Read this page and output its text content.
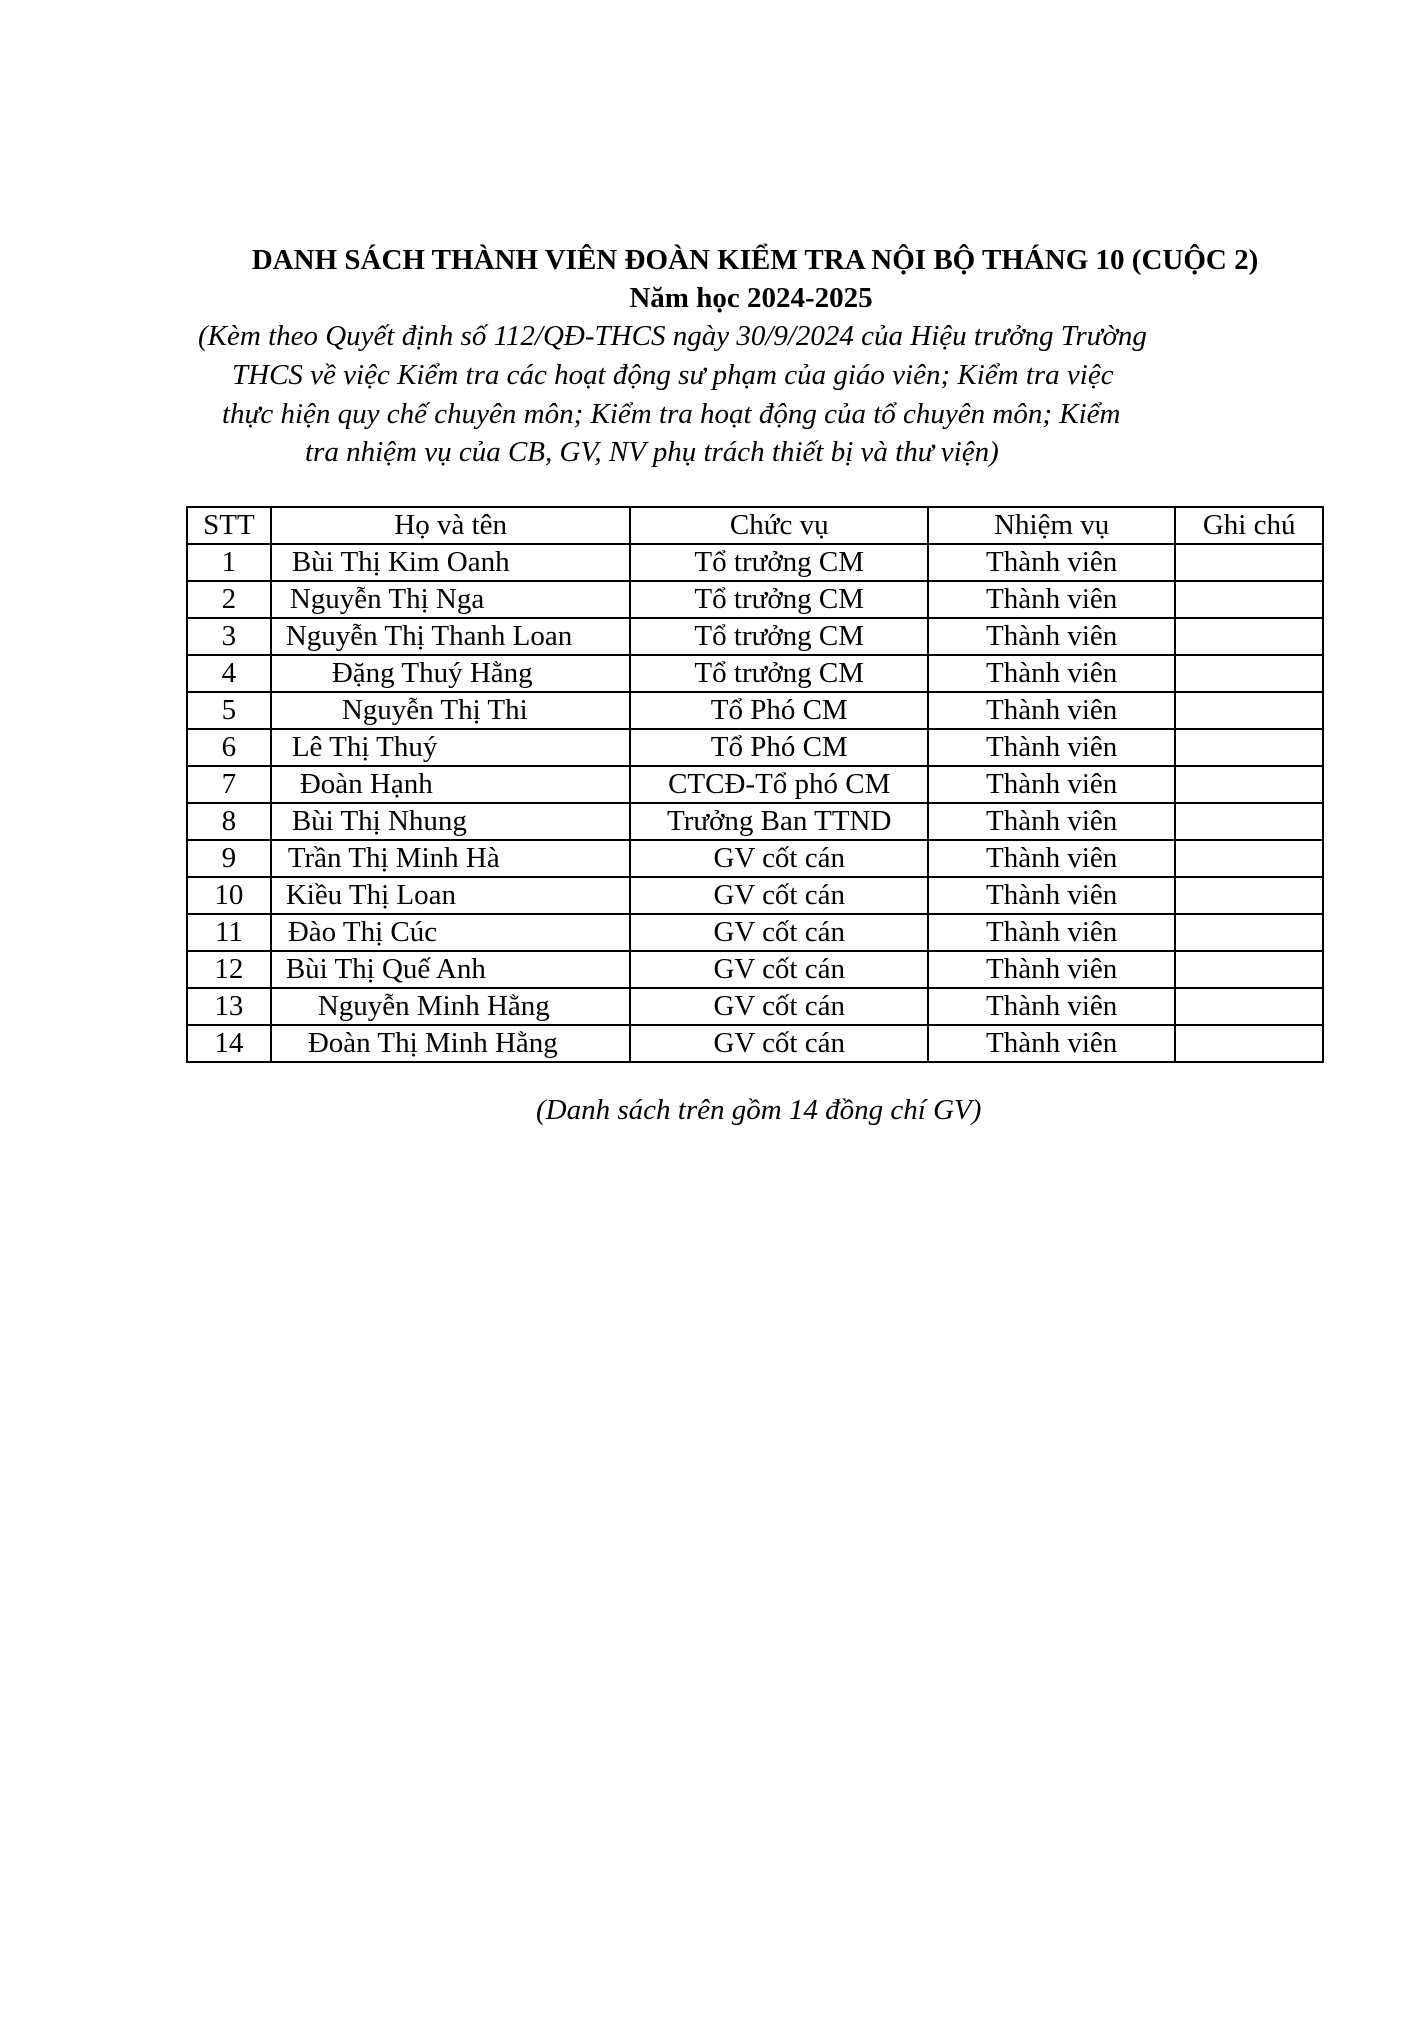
DANH SÁCH THÀNH VIÊN ĐOÀN KIỂM TRA NỘI BỘ THÁNG 10 (CUỘC 2)
Năm học 2024-2025
(Kèm theo Quyết định số 112/QĐ-THCS ngày 30/9/2024 của Hiệu trưởng Trường
THCS về việc Kiểm tra các hoạt động sư phạm của giáo viên; Kiểm tra việc
thực hiện quy chế chuyên môn; Kiểm tra hoạt động của tổ chuyên môn; Kiểm
tra nhiệm vụ của CB, GV, NV phụ trách thiết bị và thư viện)
STT	Họ và tên	Chức vụ	Nhiệm vụ	Ghi chú
1	Bùi Thị Kim Oanh	Tổ trưởng CM	Thành viên	
2	Nguyễn Thị Nga	Tổ trưởng CM	Thành viên	
3	Nguyễn Thị Thanh Loan	Tổ trưởng CM	Thành viên	
4	Đặng Thuý Hằng	Tổ trưởng CM	Thành viên	
5	Nguyễn Thị Thi	Tổ Phó CM	Thành viên	
6	Lê Thị Thuý	Tổ Phó CM	Thành viên	
7	Đoàn Hạnh	CTCĐ-Tổ phó CM	Thành viên	
8	Bùi Thị Nhung	Trưởng Ban TTND	Thành viên	
9	Trần Thị Minh Hà	GV cốt cán	Thành viên	
10	Kiều Thị Loan	GV cốt cán	Thành viên	
11	Đào Thị Cúc	GV cốt cán	Thành viên	
12	Bùi Thị Quế Anh	GV cốt cán	Thành viên	
13	Nguyễn Minh Hằng	GV cốt cán	Thành viên	
14	Đoàn Thị Minh Hằng	GV cốt cán	Thành viên	
(Danh sách trên gồm 14 đồng chí GV)
